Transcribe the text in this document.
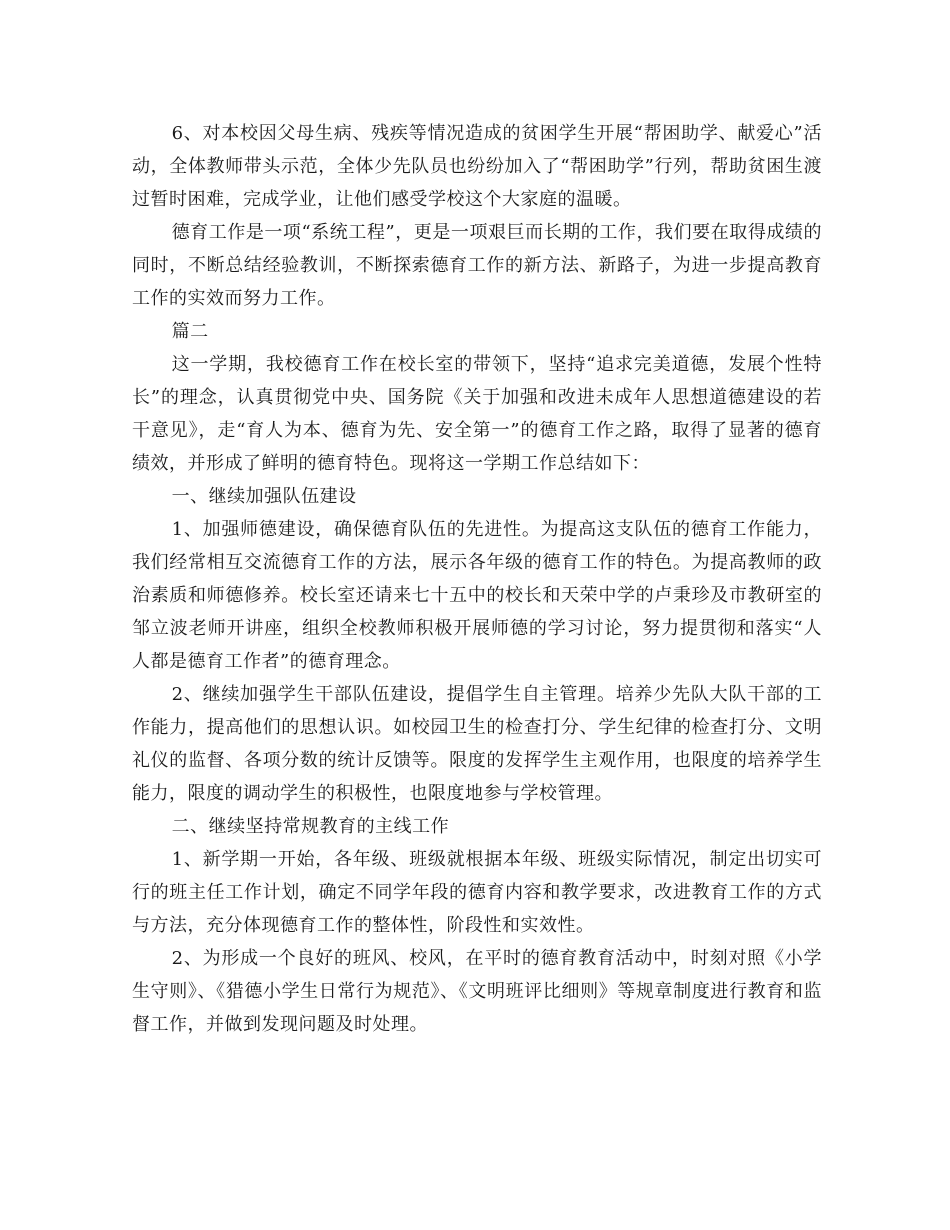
6、对本校因父母生病、残疾等情况造成的贫困学生开展“帮困助学、献爱心”活动，全体教师带头示范，全体少先队员也纷纷加入了“帮困助学”行列，帮助贫困生渡过暂时困难，完成学业，让他们感受学校这个大家庭的温暖。

德育工作是一项“系统工程”，更是一项艰巨而长期的工作，我们要在取得成绩的同时，不断总结经验教训，不断探索德育工作的新方法、新路子，为进一步提高教育工作的实效而努力工作。

篇二

这一学期，我校德育工作在校长室的带领下，坚持“追求完美道德，发展个性特长”的理念，认真贯彻党中央、国务院《关于加强和改进未成年人思想道德建设的若干意见》，走“育人为本、德育为先、安全第一”的德育工作之路，取得了显著的德育绩效，并形成了鲜明的德育特色。现将这一学期工作总结如下：

一、继续加强队伍建设

1、加强师德建设，确保德育队伍的先进性。为提高这支队伍的德育工作能力，我们经常相互交流德育工作的方法，展示各年级的德育工作的特色。为提高教师的政治素质和师德修养。校长室还请来七十五中的校长和天荣中学的卢秉珍及市教研室的邹立波老师开讲座，组织全校教师积极开展师德的学习讨论，努力提贯彻和落实“人人都是德育工作者”的德育理念。

2、继续加强学生干部队伍建设，提倡学生自主管理。培养少先队大队干部的工作能力，提高他们的思想认识。如校园卫生的检查打分、学生纪律的检查打分、文明礼仪的监督、各项分数的统计反馈等。限度的发挥学生主观作用，也限度的培养学生能力，限度的调动学生的积极性，也限度地参与学校管理。

二、继续坚持常规教育的主线工作

1、新学期一开始，各年级、班级就根据本年级、班级实际情况，制定出切实可行的班主任工作计划，确定不同学年段的德育内容和教学要求，改进教育工作的方式与方法，充分体现德育工作的整体性，阶段性和实效性。

2、为形成一个良好的班风、校风，在平时的德育教育活动中，时刻对照《小学生守则》、《猎德小学生日常行为规范》、《文明班评比细则》等规章制度进行教育和监督工作，并做到发现问题及时处理。
